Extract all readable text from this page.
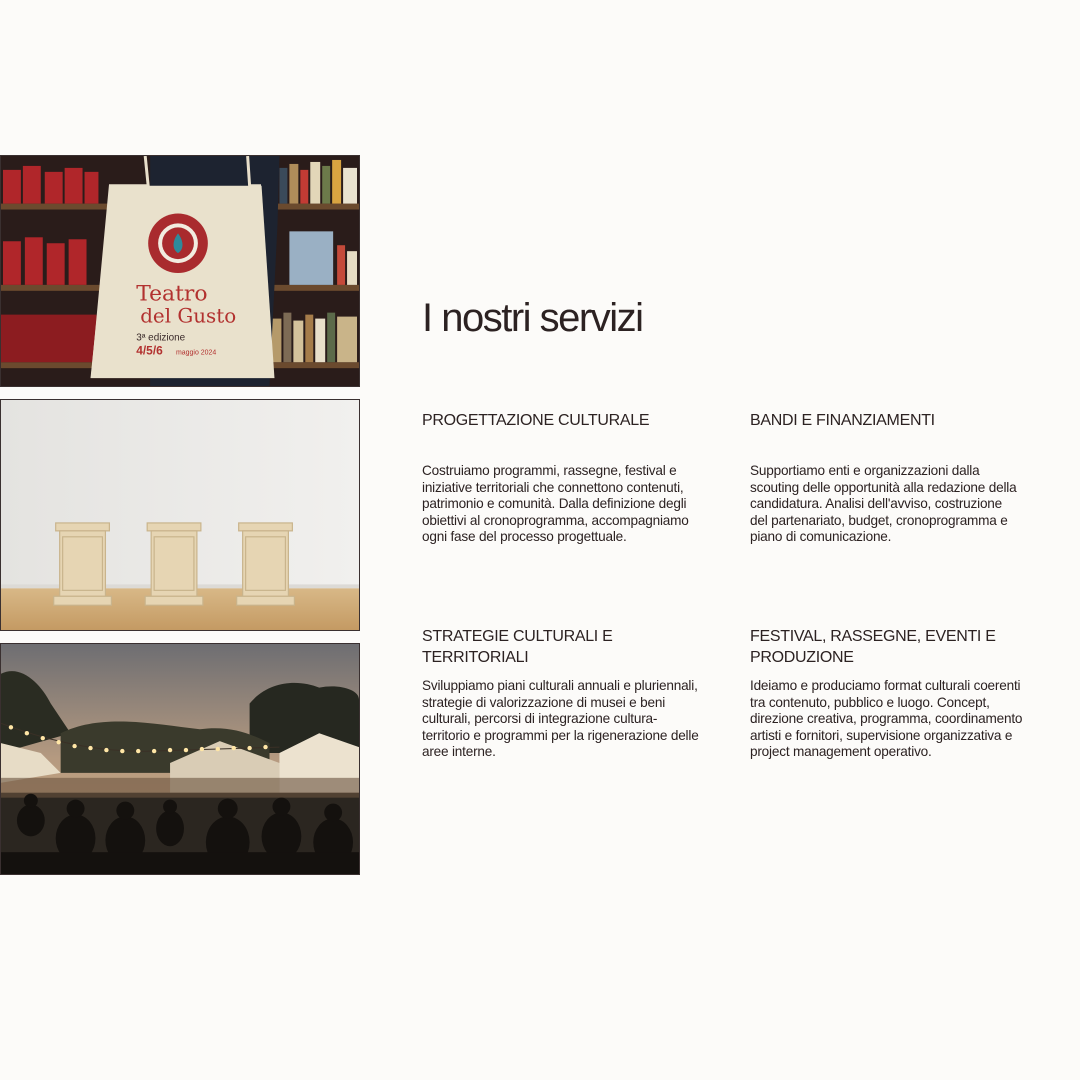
Teatro
del Gusto
3ª edizione
4/5/6 maggio 2024
I nostri servizi
PROGETTAZIONE CULTURALE

Costruiamo programmi, rassegne, festival e iniziative territoriali che connettono contenuti, patrimonio e comunità. Dalla definizione degli obiettivi al cronoprogramma, accompagniamo ogni fase del processo progettuale.

BANDI E FINANZIAMENTI

Supportiamo enti e organizzazioni dalla scouting delle opportunità alla redazione della candidatura. Analisi dell'avviso, costruzione del partenariato, budget, cronoprogramma e piano di comunicazione.

STRATEGIE CULTURALI E TERRITORIALI

Sviluppiamo piani culturali annuali e pluriennali, strategie di valorizzazione di musei e beni culturali, percorsi di integrazione cultura-territorio e programmi per la rigenerazione delle aree interne.

FESTIVAL, RASSEGNE, EVENTI E PRODUZIONE

Ideiamo e produciamo format culturali coerenti tra contenuto, pubblico e luogo. Concept, direzione creativa, programma, coordinamento artisti e fornitori, supervisione organizzativa e project management operativo.
